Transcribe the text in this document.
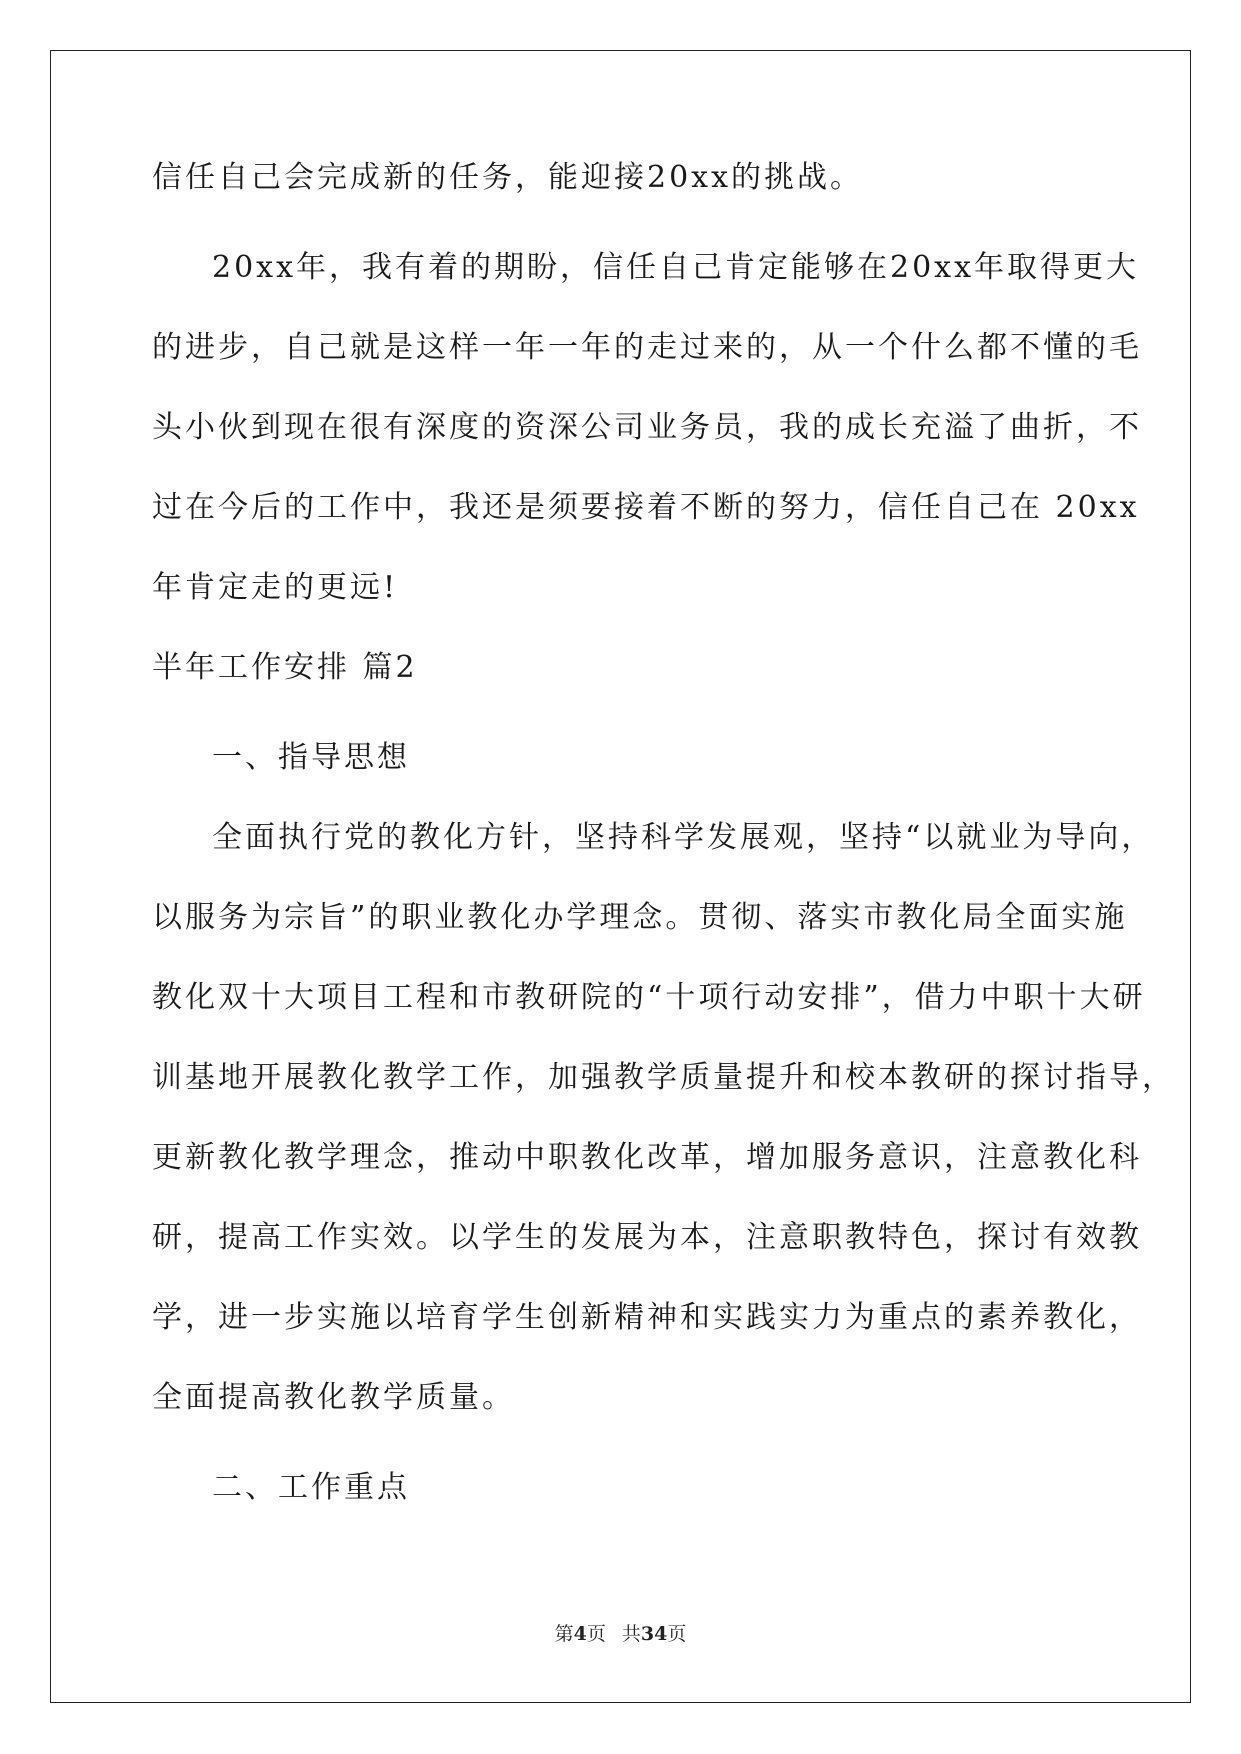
信任自己会完成新的任务，能迎接20xx的挑战。
20xx年，我有着的期盼，信任自己肯定能够在20xx年取得更大
的进步，自己就是这样一年一年的走过来的，从一个什么都不懂的毛
头小伙到现在很有深度的资深公司业务员，我的成长充溢了曲折，不
过在今后的工作中，我还是须要接着不断的努力，信任自己在 20xx
年肯定走的更远!
半年工作安排 篇2
一、指导思想
全面执行党的教化方针，坚持科学发展观，坚持“以就业为导向，
以服务为宗旨”的职业教化办学理念。贯彻、落实市教化局全面实施
教化双十大项目工程和市教研院的“十项行动安排”，借力中职十大研
训基地开展教化教学工作，加强教学质量提升和校本教研的探讨指导，
更新教化教学理念，推动中职教化改革，增加服务意识，注意教化科
研，提高工作实效。以学生的发展为本，注意职教特色，探讨有效教
学，进一步实施以培育学生创新精神和实践实力为重点的素养教化，
全面提高教化教学质量。
二、工作重点
第4页 共34页
